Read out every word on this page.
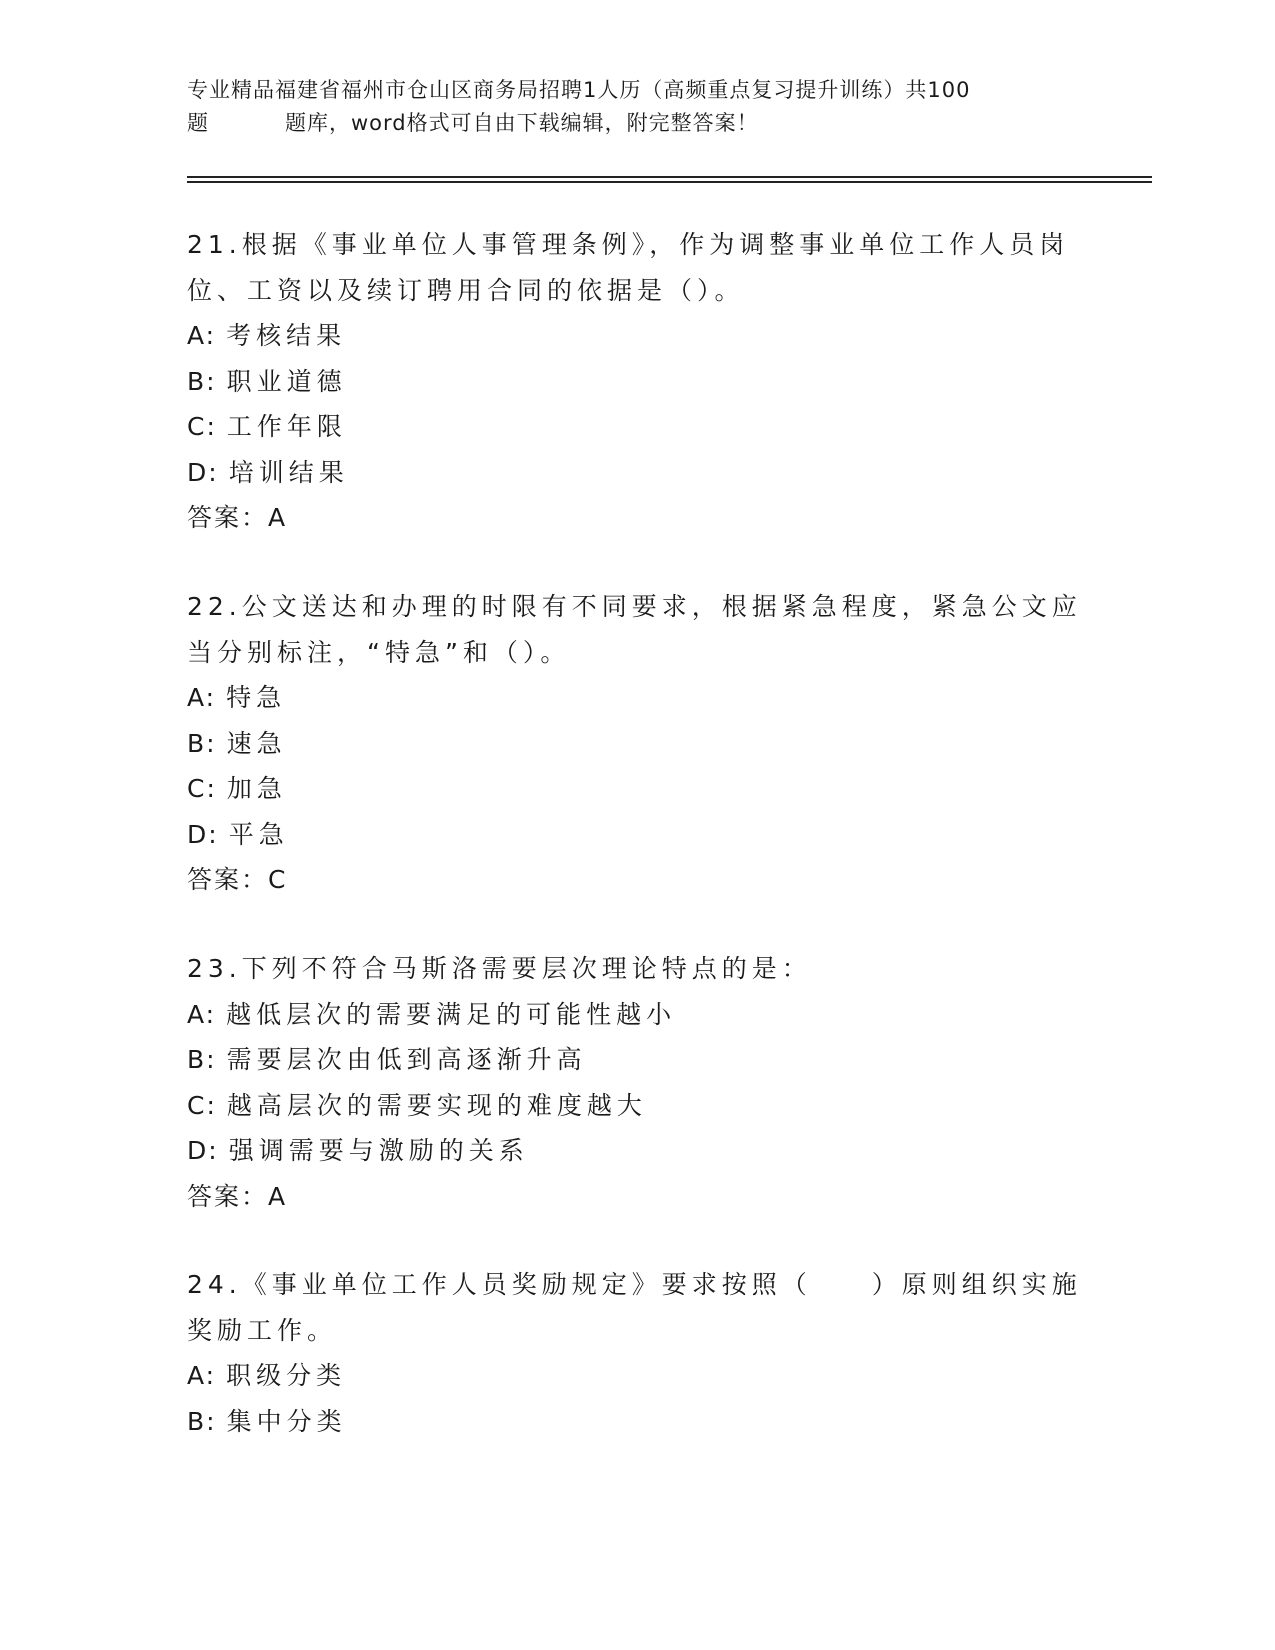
专业精品福建省福州市仓山区商务局招聘1人历（高频重点复习提升训练）共100
题	题库，word格式可自由下载编辑，附完整答案！
21.根据《事业单位人事管理条例》，作为调整事业单位工作人员岗位、工资以及续订聘用合同的依据是（）。
A: 考核结果
B: 职业道德
C: 工作年限
D: 培训结果
答案：A
22.公文送达和办理的时限有不同要求，根据紧急程度，紧急公文应当分别标注，“特急”和（）。
A: 特急
B: 速急
C: 加急
D: 平急
答案：C
23.下列不符合马斯洛需要层次理论特点的是：
A: 越低层次的需要满足的可能性越小
B: 需要层次由低到高逐渐升高
C: 越高层次的需要实现的难度越大
D: 强调需要与激励的关系
答案：A
24.《事业单位工作人员奖励规定》要求按照（　　）原则组织实施奖励工作。
A: 职级分类
B: 集中分类
